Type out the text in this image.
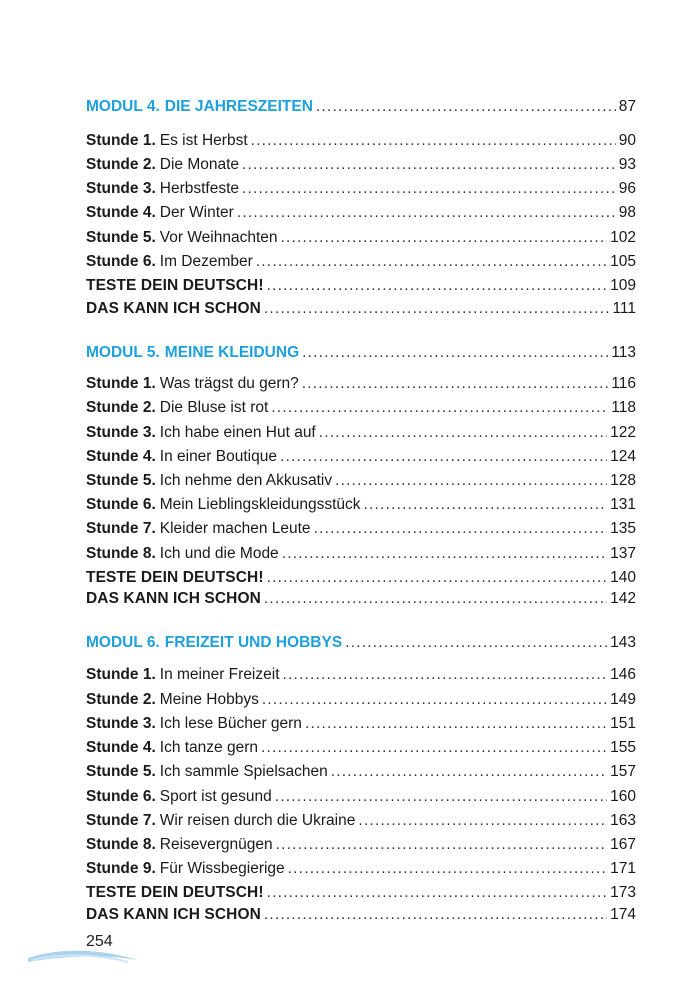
MODUL 4. DIE JAHRESZEITEN .....	87
Stunde 1. Es ist Herbst .....	90
Stunde 2. Die Monate .....	93
Stunde 3. Herbstfeste .....	96
Stunde 4. Der Winter .....	98
Stunde 5. Vor Weihnachten .....	102
Stunde 6. Im Dezember .....	105
TESTE DEIN DEUTSCH! .....	109
DAS KANN ICH SCHON .....	111
MODUL 5. MEINE KLEIDUNG .....	113
Stunde 1. Was trägst du gern? .....	116
Stunde 2. Die Bluse ist rot .....	118
Stunde 3. Ich habe einen Hut auf .....	122
Stunde 4. In einer Boutique .....	124
Stunde 5. Ich nehme den Akkusativ .....	128
Stunde 6. Mein Lieblingskleidungsstück .....	131
Stunde 7. Kleider machen Leute .....	135
Stunde 8. Ich und die Mode .....	137
TESTE DEIN DEUTSCH! .....	140
DAS KANN ICH SCHON .....	142
MODUL 6. FREIZEIT UND HOBBYS .....	143
Stunde 1. In meiner Freizeit .....	146
Stunde 2. Meine Hobbys .....	149
Stunde 3. Ich lese Bücher gern .....	151
Stunde 4. Ich tanze gern .....	155
Stunde 5. Ich sammle Spielsachen .....	157
Stunde 6. Sport ist gesund .....	160
Stunde 7. Wir reisen durch die Ukraine .....	163
Stunde 8. Reisevergnügen .....	167
Stunde 9. Für Wissbegierige .....	171
TESTE DEIN DEUTSCH! .....	173
DAS KANN ICH SCHON .....	174
254
